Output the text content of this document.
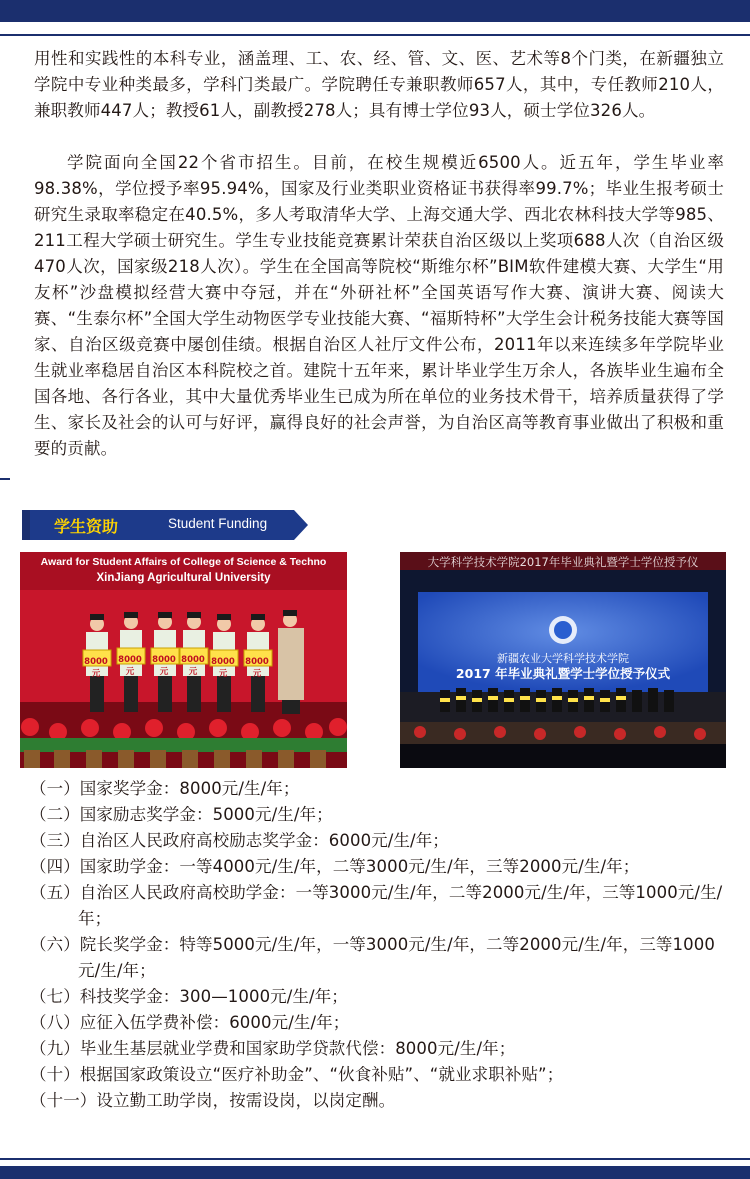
用性和实践性的本科专业，涵盖理、工、农、经、管、文、医、艺术等8个门类，在新疆独立学院中专业种类最多，学科门类最广。学院聘任专兼职教师657人，其中，专任教师210人，兼职教师447人；教授61人，副教授278人；具有博士学位93人，硕士学位326人。

学院面向全国22个省市招生。目前，在校生规模近6500人。近五年，学生毕业率98.38%，学位授予率95.94%，国家及行业类职业资格证书获得率99.7%；毕业生报考硕士研究生录取率稳定在40.5%，多人考取清华大学、上海交通大学、西北农林科技大学等985、211工程大学硕士研究生。学生专业技能竞赛累计荣获自治区级以上奖项688人次（自治区级470人次，国家级218人次）。学生在全国高等院校“斯维尔杯”BIM软件建模大赛、大学生“用友杯”沙盘模拟经营大赛中夺冠，并在“外研社杯”全国英语写作大赛、演讲大赛、阅读大赛、“生泰尔杯”全国大学生动物医学专业技能大赛、“福斯特杯”大学生会计税务技能大赛等国家、自治区级竞赛中屡创佳绩。根据自治区人社厅文件公布，2011年以来连续多年学院毕业生就业率稳居自治区本科院校之首。建院十五年来，累计毕业学生万余人，各族毕业生遍布全国各地、各行各业，其中大量优秀毕业生已成为所在单位的业务技术骨干，培养质量获得了学生、家长及社会的认可与好评，赢得良好的社会声誉，为自治区高等教育事业做出了积极和重要的贡献。

学生资助	Student Funding
Award for Student Affairs of College of Science & Techno
XinJiang Agricultural University
8000元
8000元
8000元
8000元
8000元
8000元
大学科学技术学院2017年毕业典礼暨学士学位授予仪
新疆农业大学科学技术学院
2017 年毕业典礼暨学士学位授予仪式
（一）国家奖学金：8000元/生/年；
（二）国家励志奖学金：5000元/生/年；
（三）自治区人民政府高校励志奖学金：6000元/生/年；
（四）国家助学金：一等4000元/生/年，二等3000元/生/年，三等2000元/生/年；
（五）自治区人民政府高校助学金：一等3000元/生/年，二等2000元/生/年，三等1000元/生/年；
（六）院长奖学金：特等5000元/生/年，一等3000元/生/年，二等2000元/生/年，三等1000元/生/年；
（七）科技奖学金：300—1000元/生/年；
（八）应征入伍学费补偿：6000元/生/年；
（九）毕业生基层就业学费和国家助学贷款代偿：8000元/生/年；
（十）根据国家政策设立“医疗补助金”、“伙食补贴”、“就业求职补贴”；
（十一）设立勤工助学岗，按需设岗，以岗定酬。
